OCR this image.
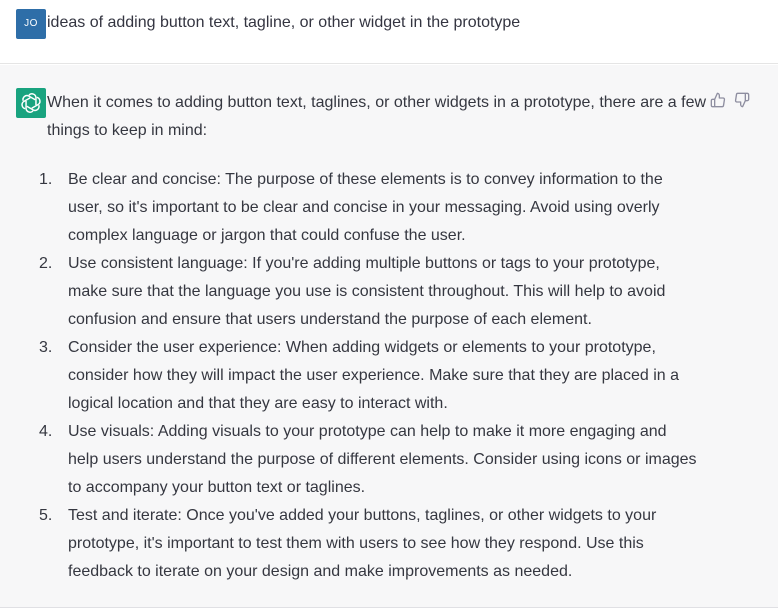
JO ideas of adding button text, tagline, or other widget in the prototype

When it comes to adding button text, taglines, or other widgets in a prototype, there are a few things to keep in mind:

1. Be clear and concise: The purpose of these elements is to convey information to the user, so it's important to be clear and concise in your messaging. Avoid using overly complex language or jargon that could confuse the user.
2. Use consistent language: If you're adding multiple buttons or tags to your prototype, make sure that the language you use is consistent throughout. This will help to avoid confusion and ensure that users understand the purpose of each element.
3. Consider the user experience: When adding widgets or elements to your prototype, consider how they will impact the user experience. Make sure that they are placed in a logical location and that they are easy to interact with.
4. Use visuals: Adding visuals to your prototype can help to make it more engaging and help users understand the purpose of different elements. Consider using icons or images to accompany your button text or taglines.
5. Test and iterate: Once you've added your buttons, taglines, or other widgets to your prototype, it's important to test them with users to see how they respond. Use this feedback to iterate on your design and make improvements as needed.
